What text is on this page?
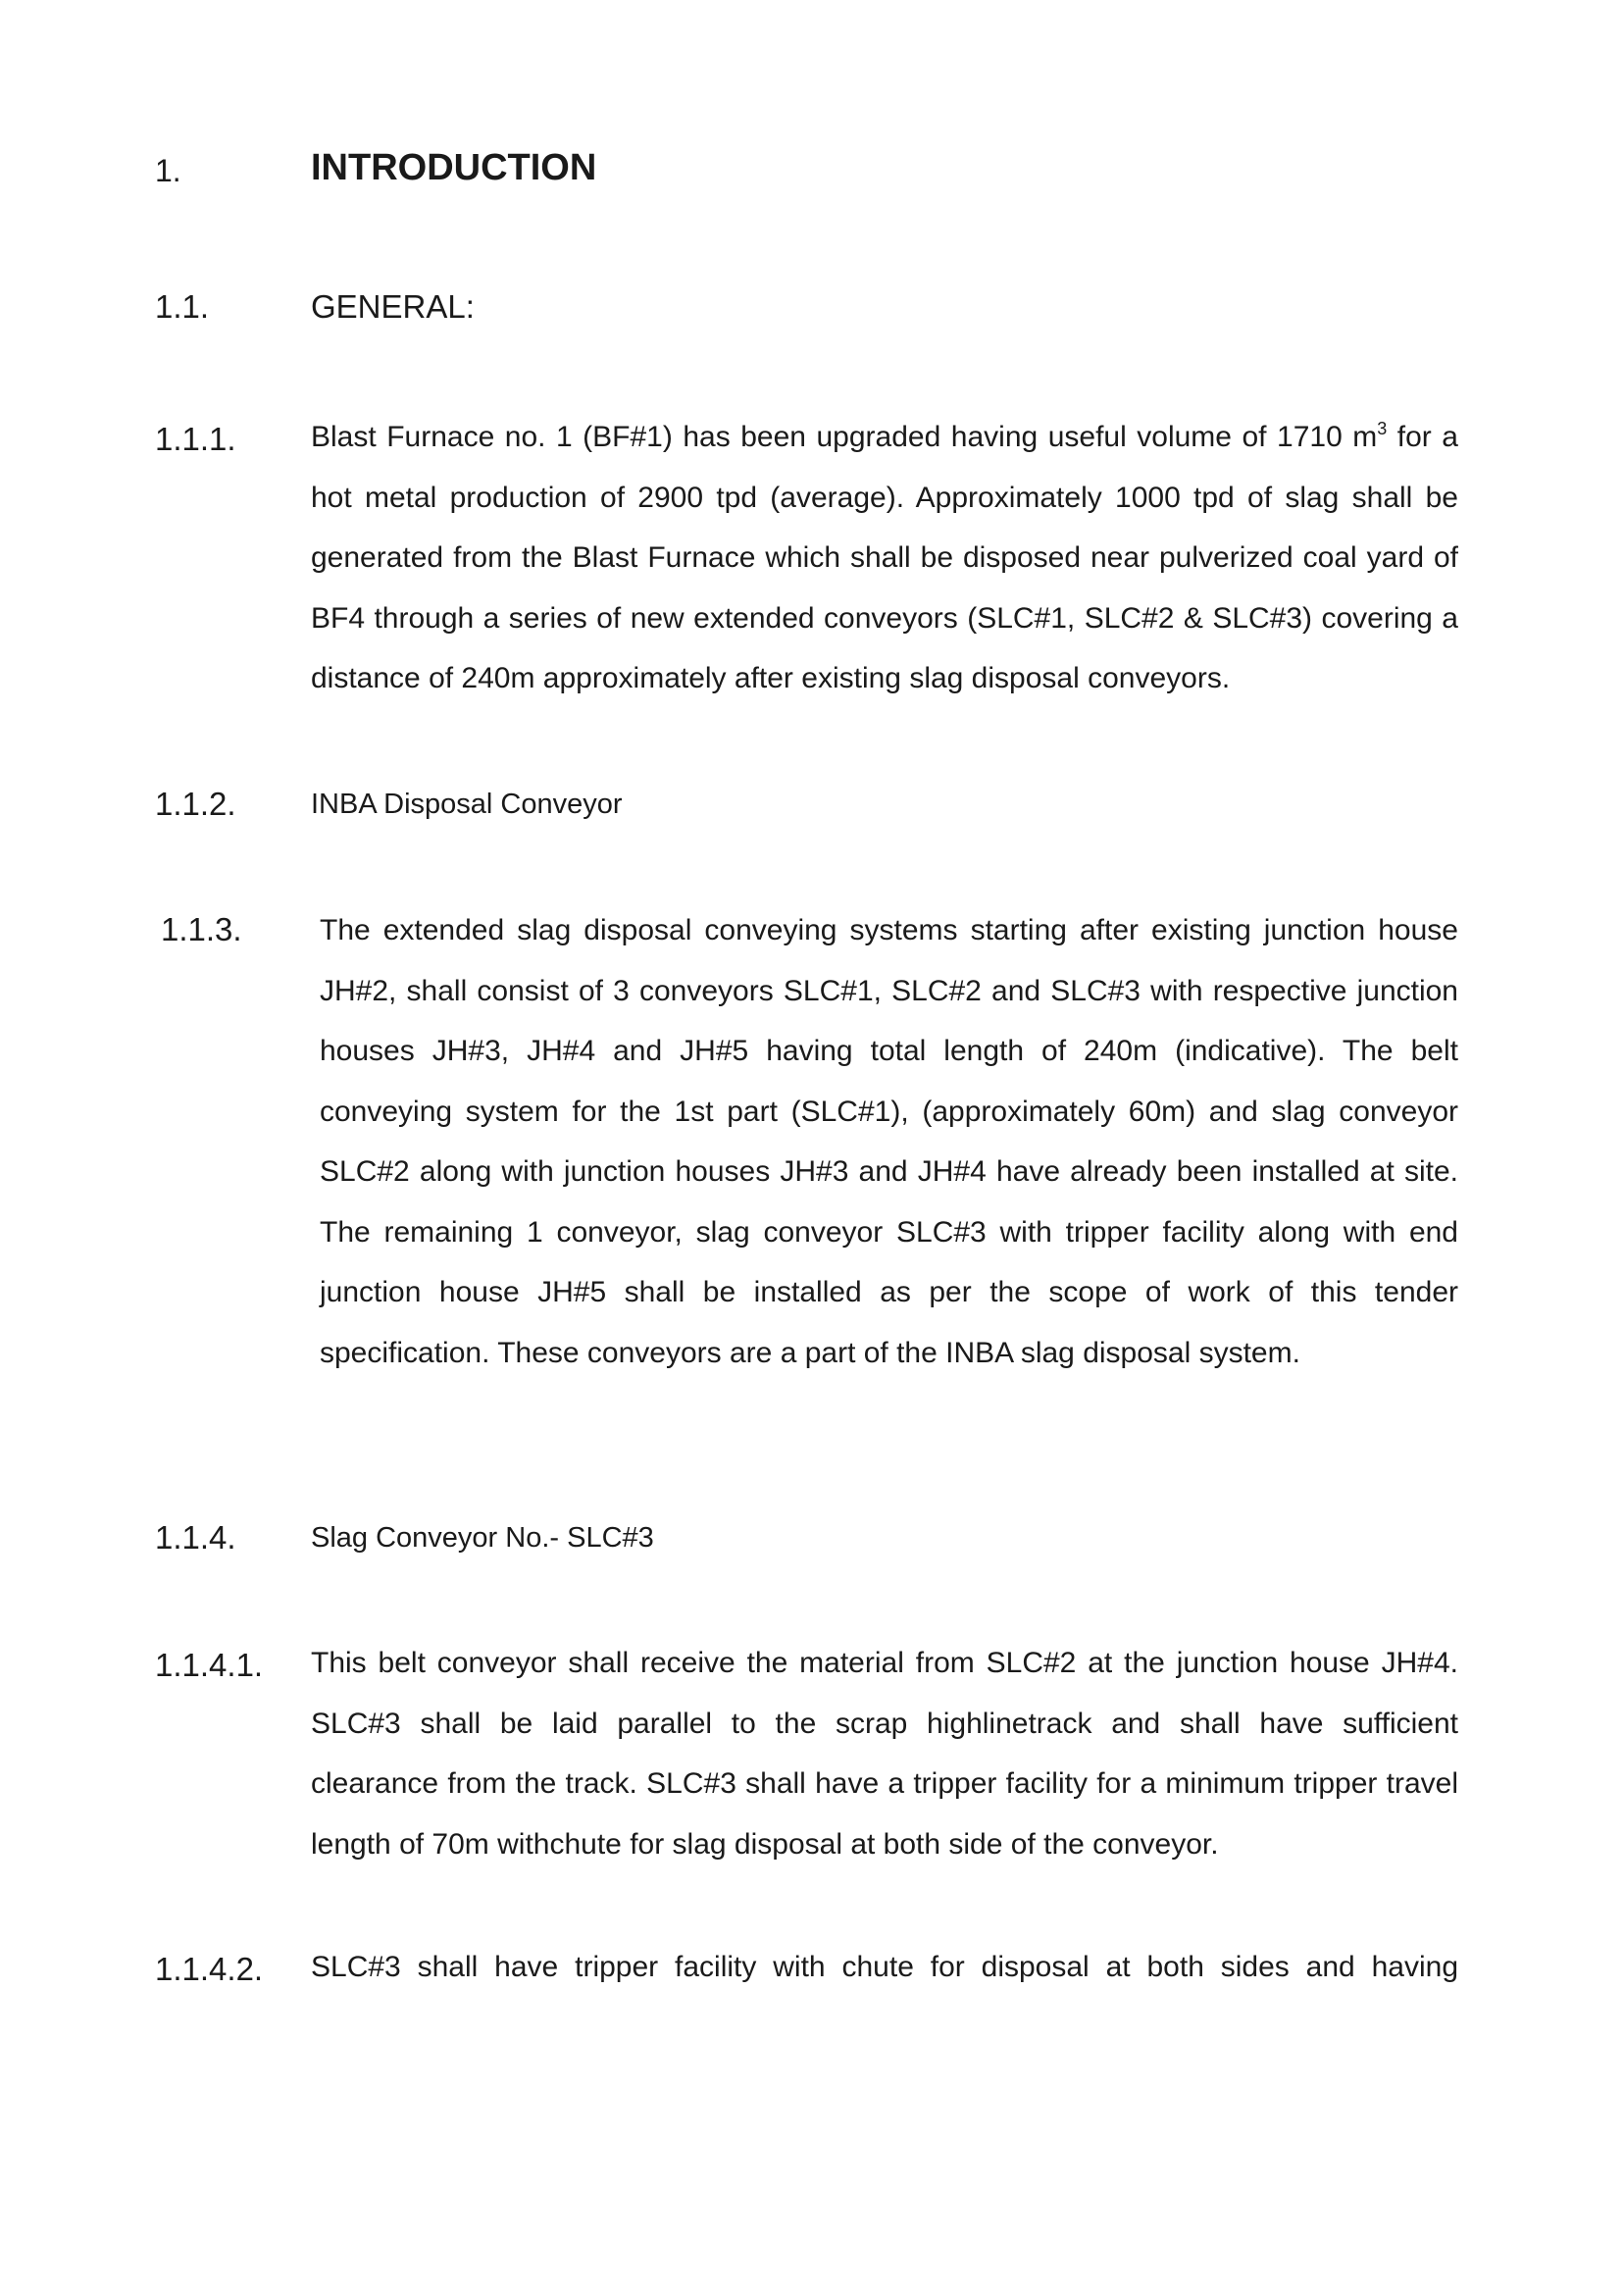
1.	INTRODUCTION
1.1.	GENERAL:
1.1.1.	Blast Furnace no. 1 (BF#1) has been upgraded having useful volume of 1710 $m^3$ for a hot metal production of 2900 tpd (average). Approximately 1000 tpd of slag shall be generated from the Blast Furnace which shall be disposed near pulverized coal yard of BF4 through a series of new extended conveyors (SLC#1, SLC#2 & SLC#3) covering a distance of 240m approximately after existing slag disposal conveyors.
1.1.2.	INBA Disposal Conveyor
1.1.3.	The extended slag disposal conveying systems starting after existing junction house JH#2, shall consist of 3 conveyors SLC#1, SLC#2 and SLC#3 with respective junction houses JH#3, JH#4 and JH#5 having total length of 240m (indicative). The belt conveying system for the 1st part (SLC#1), (approximately 60m) and slag conveyor SLC#2 along with junction houses JH#3 and JH#4 have already been installed at site. The remaining 1 conveyor, slag conveyor SLC#3 with tripper facility along with end junction house JH#5 shall be installed as per the scope of work of this tender specification. These conveyors are a part of the INBA slag disposal system.
1.1.4.	Slag Conveyor No.- SLC#3
1.1.4.1. This belt conveyor shall receive the material from SLC#2 at the junction house JH#4. SLC#3 shall be laid parallel to the scrap highlinetrack and shall have sufficient clearance from the track. SLC#3 shall have a tripper facility for a minimum tripper travel length of 70m withchute for slag disposal at both side of the conveyor.
1.1.4.2. SLC#3 shall have tripper facility with chute for disposal at both sides and having
